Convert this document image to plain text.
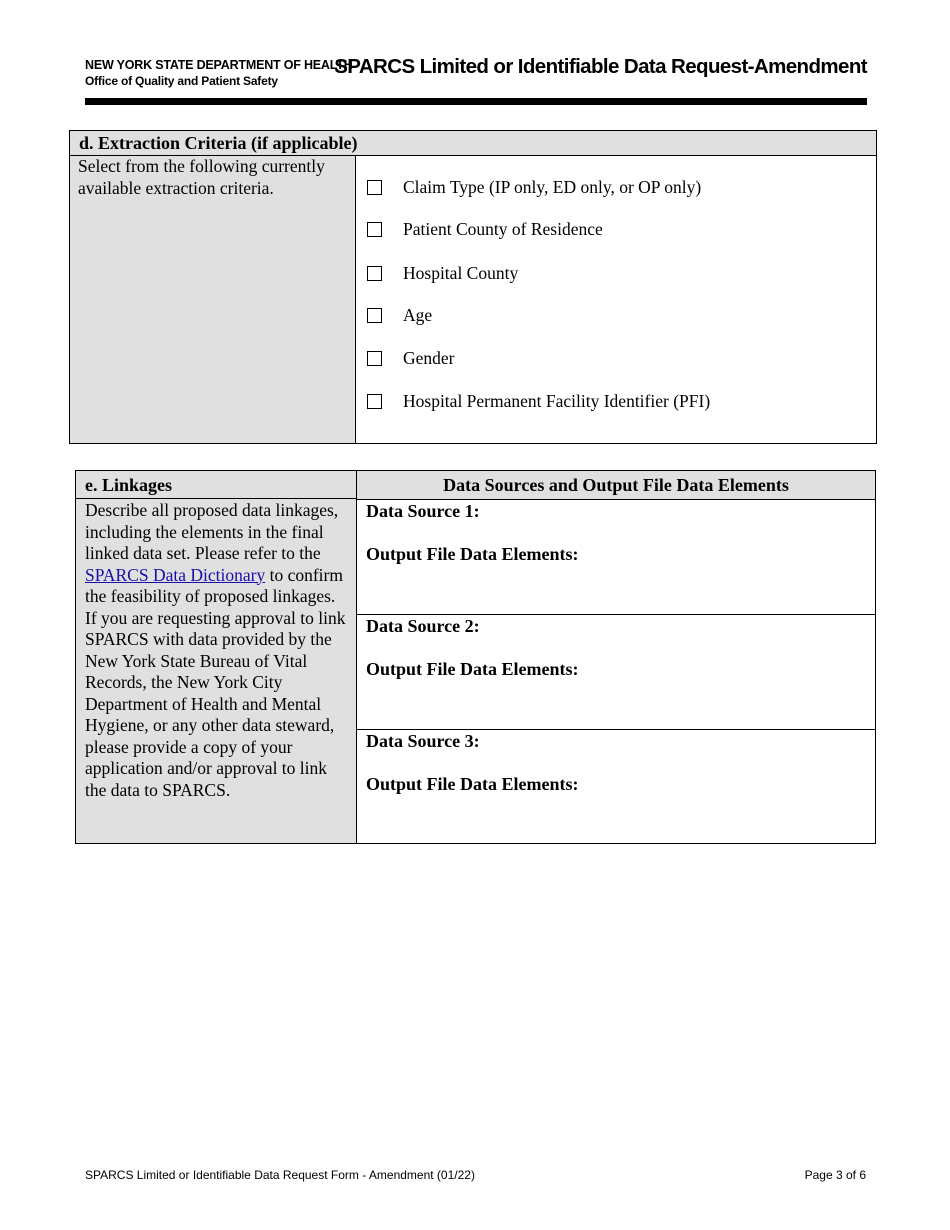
NEW YORK STATE DEPARTMENT OF HEALTH
Office of Quality and Patient Safety
SPARCS Limited or Identifiable Data Request-Amendment
d. Extraction Criteria (if applicable)
Select from the following currently available extraction criteria.	Claim Type (IP only, ED only, or OP only)
Patient County of Residence
Hospital County
Age
Gender
Hospital Permanent Facility Identifier (PFI)
e. Linkages	Data Sources and Output File Data Elements
Describe all proposed data linkages, including the elements in the final linked data set. Please refer to the SPARCS Data Dictionary to confirm the feasibility of proposed linkages. If you are requesting approval to link SPARCS with data provided by the New York State Bureau of Vital Records, the New York City Department of Health and Mental Hygiene, or any other data steward, please provide a copy of your application and/or approval to link the data to SPARCS.
Data Source 1:
Output File Data Elements:
Data Source 2:
Output File Data Elements:
Data Source 3:
Output File Data Elements:
SPARCS Limited or Identifiable Data Request Form - Amendment (01/22)	Page 3 of 6
